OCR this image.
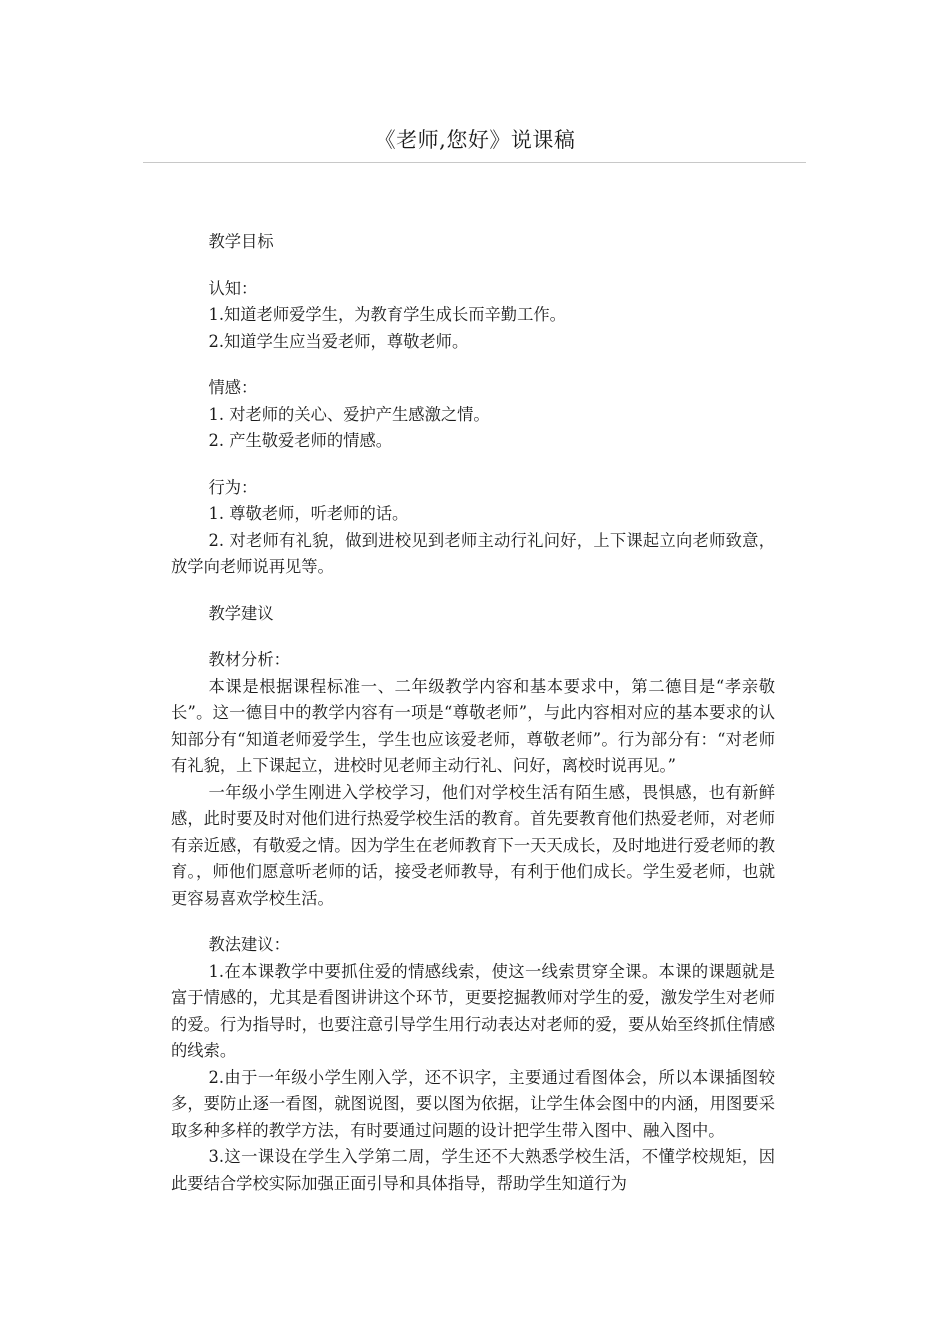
《老师,您好》说课稿

教学目标

认知：

1.知道老师爱学生，为教育学生成长而辛勤工作。

2.知道学生应当爱老师，尊敬老师。

情感：

1. 对老师的关心、爱护产生感激之情。

2. 产生敬爱老师的情感。

行为：

1. 尊敬老师，听老师的话。

2. 对老师有礼貌，做到进校见到老师主动行礼问好，上下课起立向老师致意，放学向老师说再见等。

教学建议

教材分析：

本课是根据课程标准一、二年级教学内容和基本要求中，第二德目是“孝亲敬长”。这一德目中的教学内容有一项是“尊敬老师”，与此内容相对应的基本要求的认知部分有“知道老师爱学生，学生也应该爱老师，尊敬老师”。行为部分有：“对老师有礼貌，上下课起立，进校时见老师主动行礼、问好，离校时说再见。”

一年级小学生刚进入学校学习，他们对学校生活有陌生感，畏惧感，也有新鲜感，此时要及时对他们进行热爱学校生活的教育。首先要教育他们热爱老师，对老师有亲近感，有敬爱之情。因为学生在老师教育下一天天成长，及时地进行爱老师的教育。，师他们愿意听老师的话，接受老师教导，有利于他们成长。学生爱老师，也就更容易喜欢学校生活。

教法建议：

1.在本课教学中要抓住爱的情感线索，使这一线索贯穿全课。本课的课题就是富于情感的，尤其是看图讲讲这个环节，更要挖掘教师对学生的爱，激发学生对老师的爱。行为指导时，也要注意引导学生用行动表达对老师的爱，要从始至终抓住情感的线索。

2.由于一年级小学生刚入学，还不识字，主要通过看图体会，所以本课插图较多，要防止逐一看图，就图说图，要以图为依据，让学生体会图中的内涵，用图要采取多种多样的教学方法，有时要通过问题的设计把学生带入图中、融入图中。

3.这一课设在学生入学第二周，学生还不大熟悉学校生活，不懂学校规矩，因此要结合学校实际加强正面引导和具体指导，帮助学生知道行为
